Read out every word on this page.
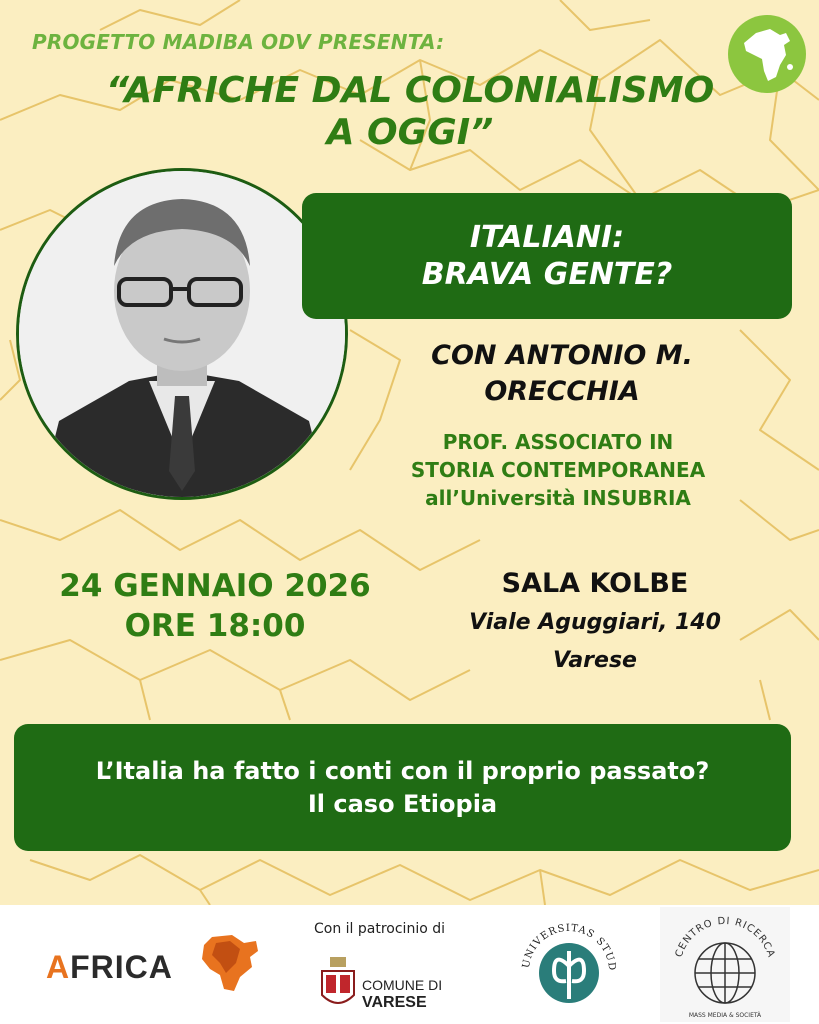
PROGETTO MADIBA ODV PRESENTA:
“AFRICHE DAL COLONIALISMO
A OGGI”
ITALIANI:
BRAVA GENTE?
CON ANTONIO M.
ORECCHIA
PROF. ASSOCIATO IN
STORIA CONTEMPORANEA
all’Università INSUBRIA
24 GENNAIO 2026
ORE 18:00
SALA KOLBE
Viale Aguggiari, 140
Varese
L’Italia ha fatto i conti con il proprio passato?
Il caso Etiopia
AFRICA
Con il patrocinio di
COMUNE DI
VARESE
UNIVERSITAS STUD
CENTRO DI RICERCA
MASS MEDIA & SOCIETÀ
